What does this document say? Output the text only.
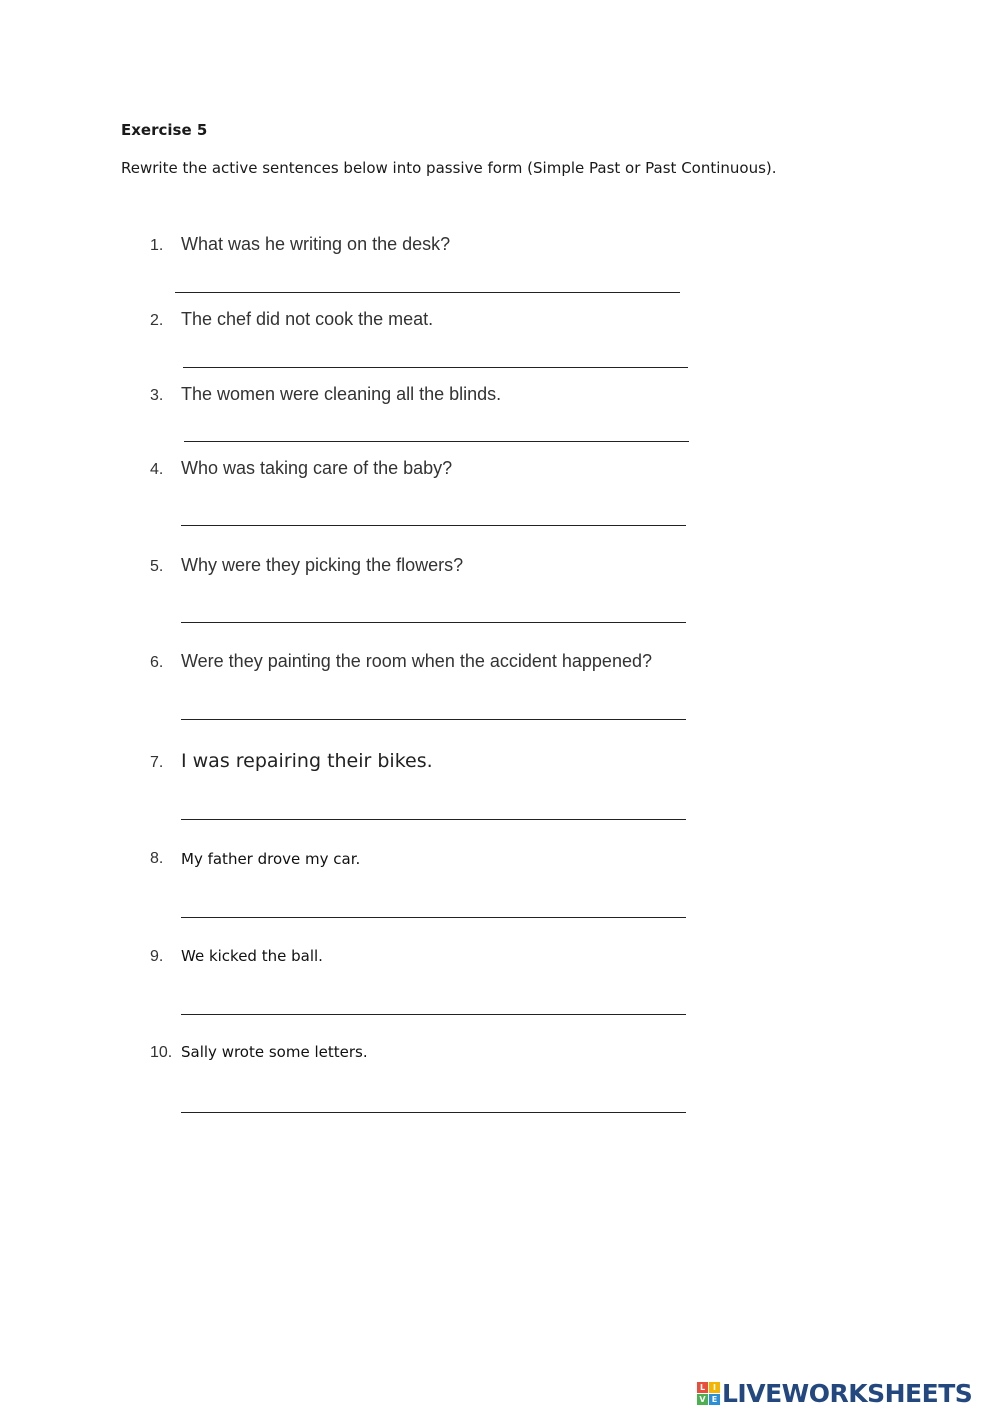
Exercise 5
Rewrite the active sentences below into passive form (Simple Past or Past Continuous).
1. What was he writing on the desk?
2. The chef did not cook the meat.
3. The women were cleaning all the blinds.
4. Who was taking care of the baby?
5. Why were they picking the flowers?
6. Were they painting the room when the accident happened?
7. I was repairing their bikes.
8. My father drove my car.
9. We kicked the ball.
10. Sally wrote some letters.
L I
V E LIVEWORKSHEETS
